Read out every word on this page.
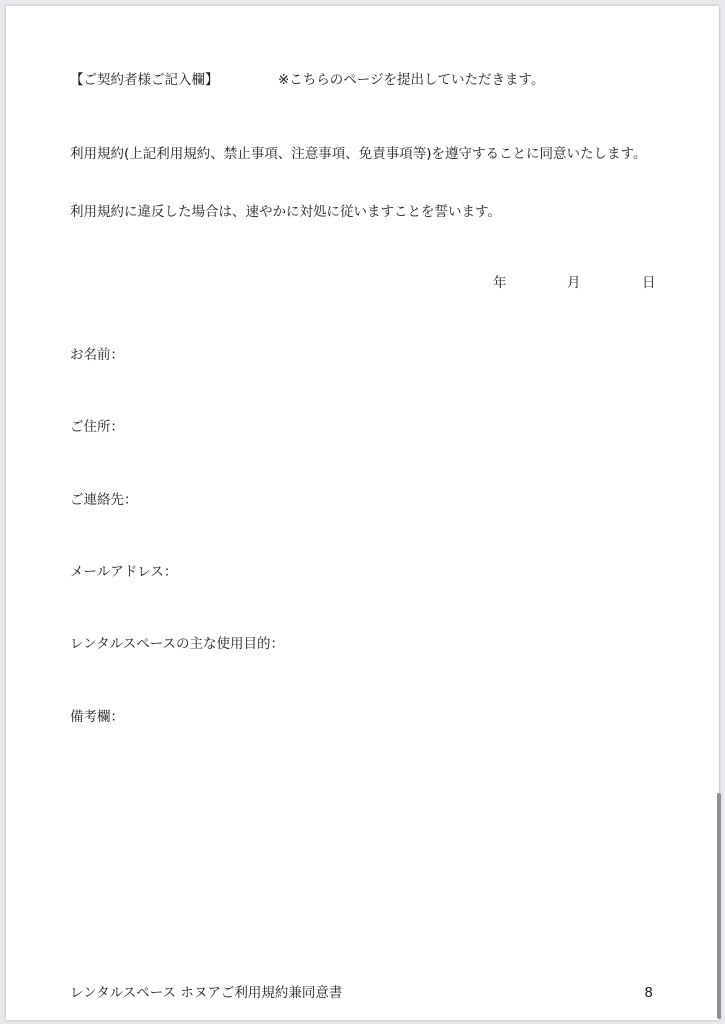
【ご契約者様ご記入欄】	※こちらのページを提出していただきます。
利用規約(上記利用規約、禁止事項、注意事項、免責事項等)を遵守することに同意いたします。
利用規約に違反した場合は、速やかに対処に従いますことを誓います。
年	月	日
お名前：
ご住所：
ご連絡先：
メールアドレス：
レンタルスペースの主な使用目的：
備考欄：
レンタルスペース ホヌアご利用規約兼同意書	8
